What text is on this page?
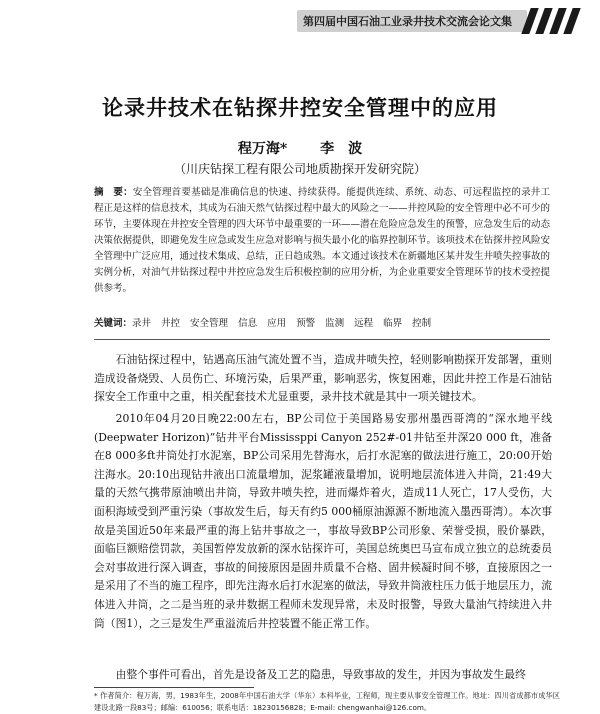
第四届中国石油工业录井技术交流会论文集
论录井技术在钻探井控安全管理中的应用
程万海* 李　波
（川庆钻探工程有限公司地质勘探开发研究院）

摘　要：安全管理首要基础是准确信息的快速、持续获得。能提供连续、系统、动态、可远程监控的录井工程正是这样的信息技术，其成为石油天然气钻探过程中最大的风险之一——井控风险的安全管理中必不可少的环节，主要体现在井控安全管理的四大环节中最重要的一环——潜在危险应急发生的预警，应急发生后的动态决策依据提供，即避免发生应急或发生应急对影响与损失最小化的临界控制环节。该项技术在钻探井控风险安全管理中广泛应用，通过技术集成、总结，正日趋成熟。本文通过该技术在新疆地区某井发生井喷失控事故的实例分析，对油气井钻探过程中井控应急发生后积极控制的应用分析，为企业重要安全管理环节的技术受控提供参考。

关键词：录井 井控 安全管理 信息 应用 预警 监测 远程 临界 控制

石油钻探过程中，钻遇高压油气流处置不当，造成井喷失控，轻则影响勘探开发部署，重则造成设备烧毁、人员伤亡、环境污染，后果严重，影响恶劣，恢复困难，因此井控工作是石油钻探安全工作重中之重，相关配套技术尤显重要，录井技术就是其中一项关键技术。

2010年04月20日晚22:00左右，BP公司位于美国路易安那州墨西哥湾的“深水地平线(Deepwater Horizon)”钻井平台Mississppi Canyon 252#-01井钻至井深20 000 ft，准备在8 000多ft井筒处打水泥塞，BP公司采用先替海水，后打水泥塞的做法进行施工，20:00开始注海水。20:10出现钻井液出口流量增加，泥浆罐液量增加，说明地层流体进入井筒，21:49大量的天然气携带原油喷出井筒，导致井喷失控，进而爆炸着火，造成11人死亡，17人受伤，大面积海域受到严重污染（事故发生后，每天有约5 000桶原油源源不断地流入墨西哥湾）。本次事故是美国近50年来最严重的海上钻井事故之一，事故导致BP公司形象、荣誉受损，股价暴跌，面临巨额赔偿罚款，美国暂停发放新的深水钻探许可，美国总统奥巴马宣布成立独立的总统委员会对事故进行深入调查，事故的间接原因是固井质量不合格、固井候凝时间不够，直接原因之一是采用了不当的施工程序，即先注海水后打水泥塞的做法，导致井筒液柱压力低于地层压力，流体进入井筒，之二是当班的录井数据工程师未发现异常，未及时报警，导致大量油气持续进入井筒（图1），之三是发生严重溢流后井控装置不能正常工作。

* 作者简介：程万海，男，1983年生，2008年中国石油大学（华东）本科毕业，工程师，现主要从事安全管理工作。地址：四川省成都市成华区建设北路一段83号；邮编：610056；联系电话：18230156828；E-mail: chengwanhai@126.com。

由整个事件可看出，首先是设备及工艺的隐患，导致事故的发生，并因为事故发生最终
